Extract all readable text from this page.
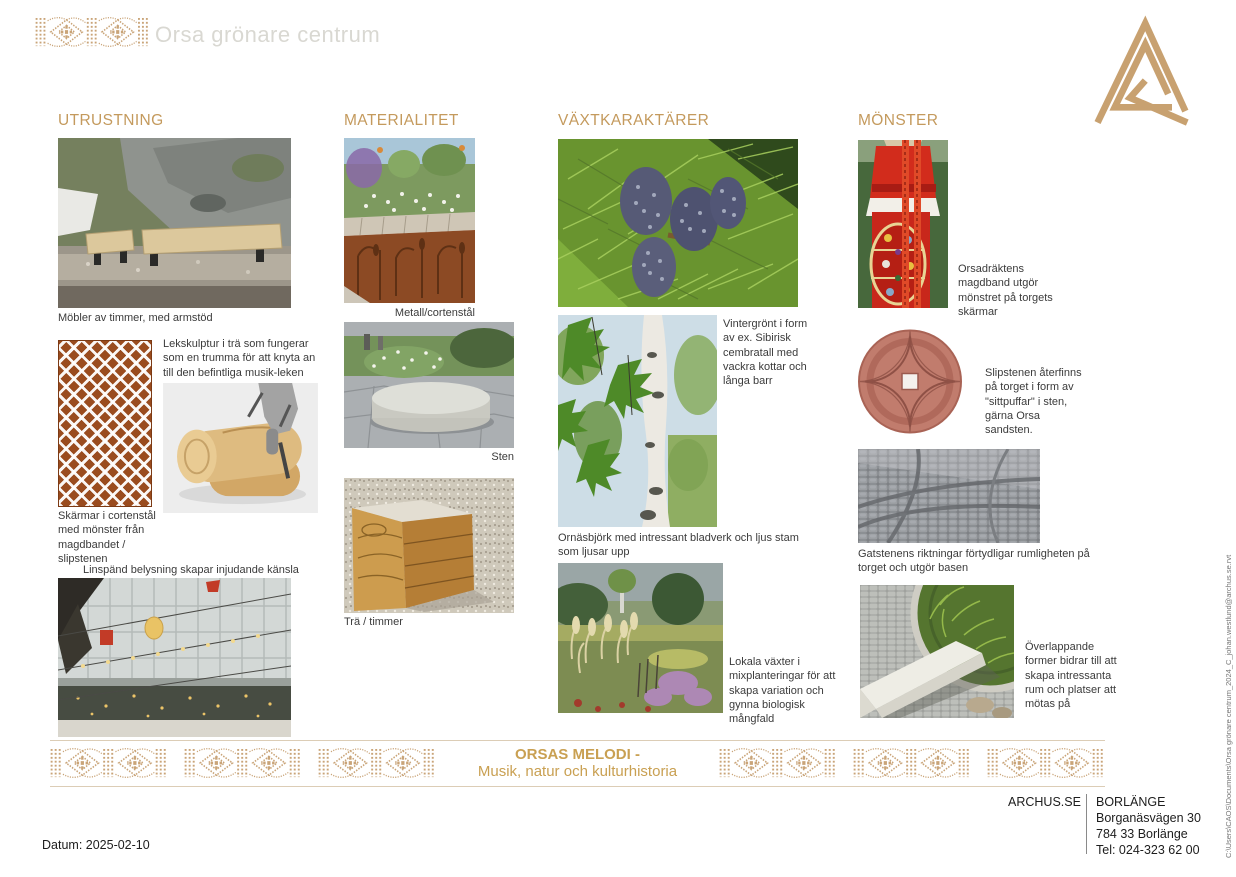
Orsa grönare centrum
UTRUSTNING
Möbler av timmer, med armstöd
Lekskulptur i trä som fungerar som en trumma för att knyta an till den befintliga musik-leken
Skärmar i cortenstål med mönster från magdbandet / slipstenen
Linspänd belysning skapar injudande känsla
MATERIALITET
Metall/cortenstål
Sten
Trä / timmer
VÄXTKARAKTÄRER
Vintergrönt i form av ex. Sibirisk cembratall med vackra kottar och långa barr
Ornäsbjörk med intressant bladverk och ljus stam som ljusar upp
Lokala växter i mixplanteringar för att skapa variation och gynna biologisk mångfald
MÖNSTER
Orsadräktens magdband utgör mönstret på torgets skärmar
Slipstenen återfinns på torget i form av "sittpuffar" i sten, gärna Orsa sandsten.
Gatstenens riktningar förtydligar rumligheten på torget och utgör basen
Överlappande former bidrar till att skapa intressanta rum och platser att mötas på
ORSAS MELODI -
Musik, natur och kulturhistoria
ARCHUS.SE BORLÄNGE
Borganäsvägen 30
784 33 Borlänge
Tel: 024-323 62 00
Datum: 2025-02-10	C:\Users\CAOS\Documents\Orsa grönare centrum_2024_C_johan.westlund@archus.se.rvt
